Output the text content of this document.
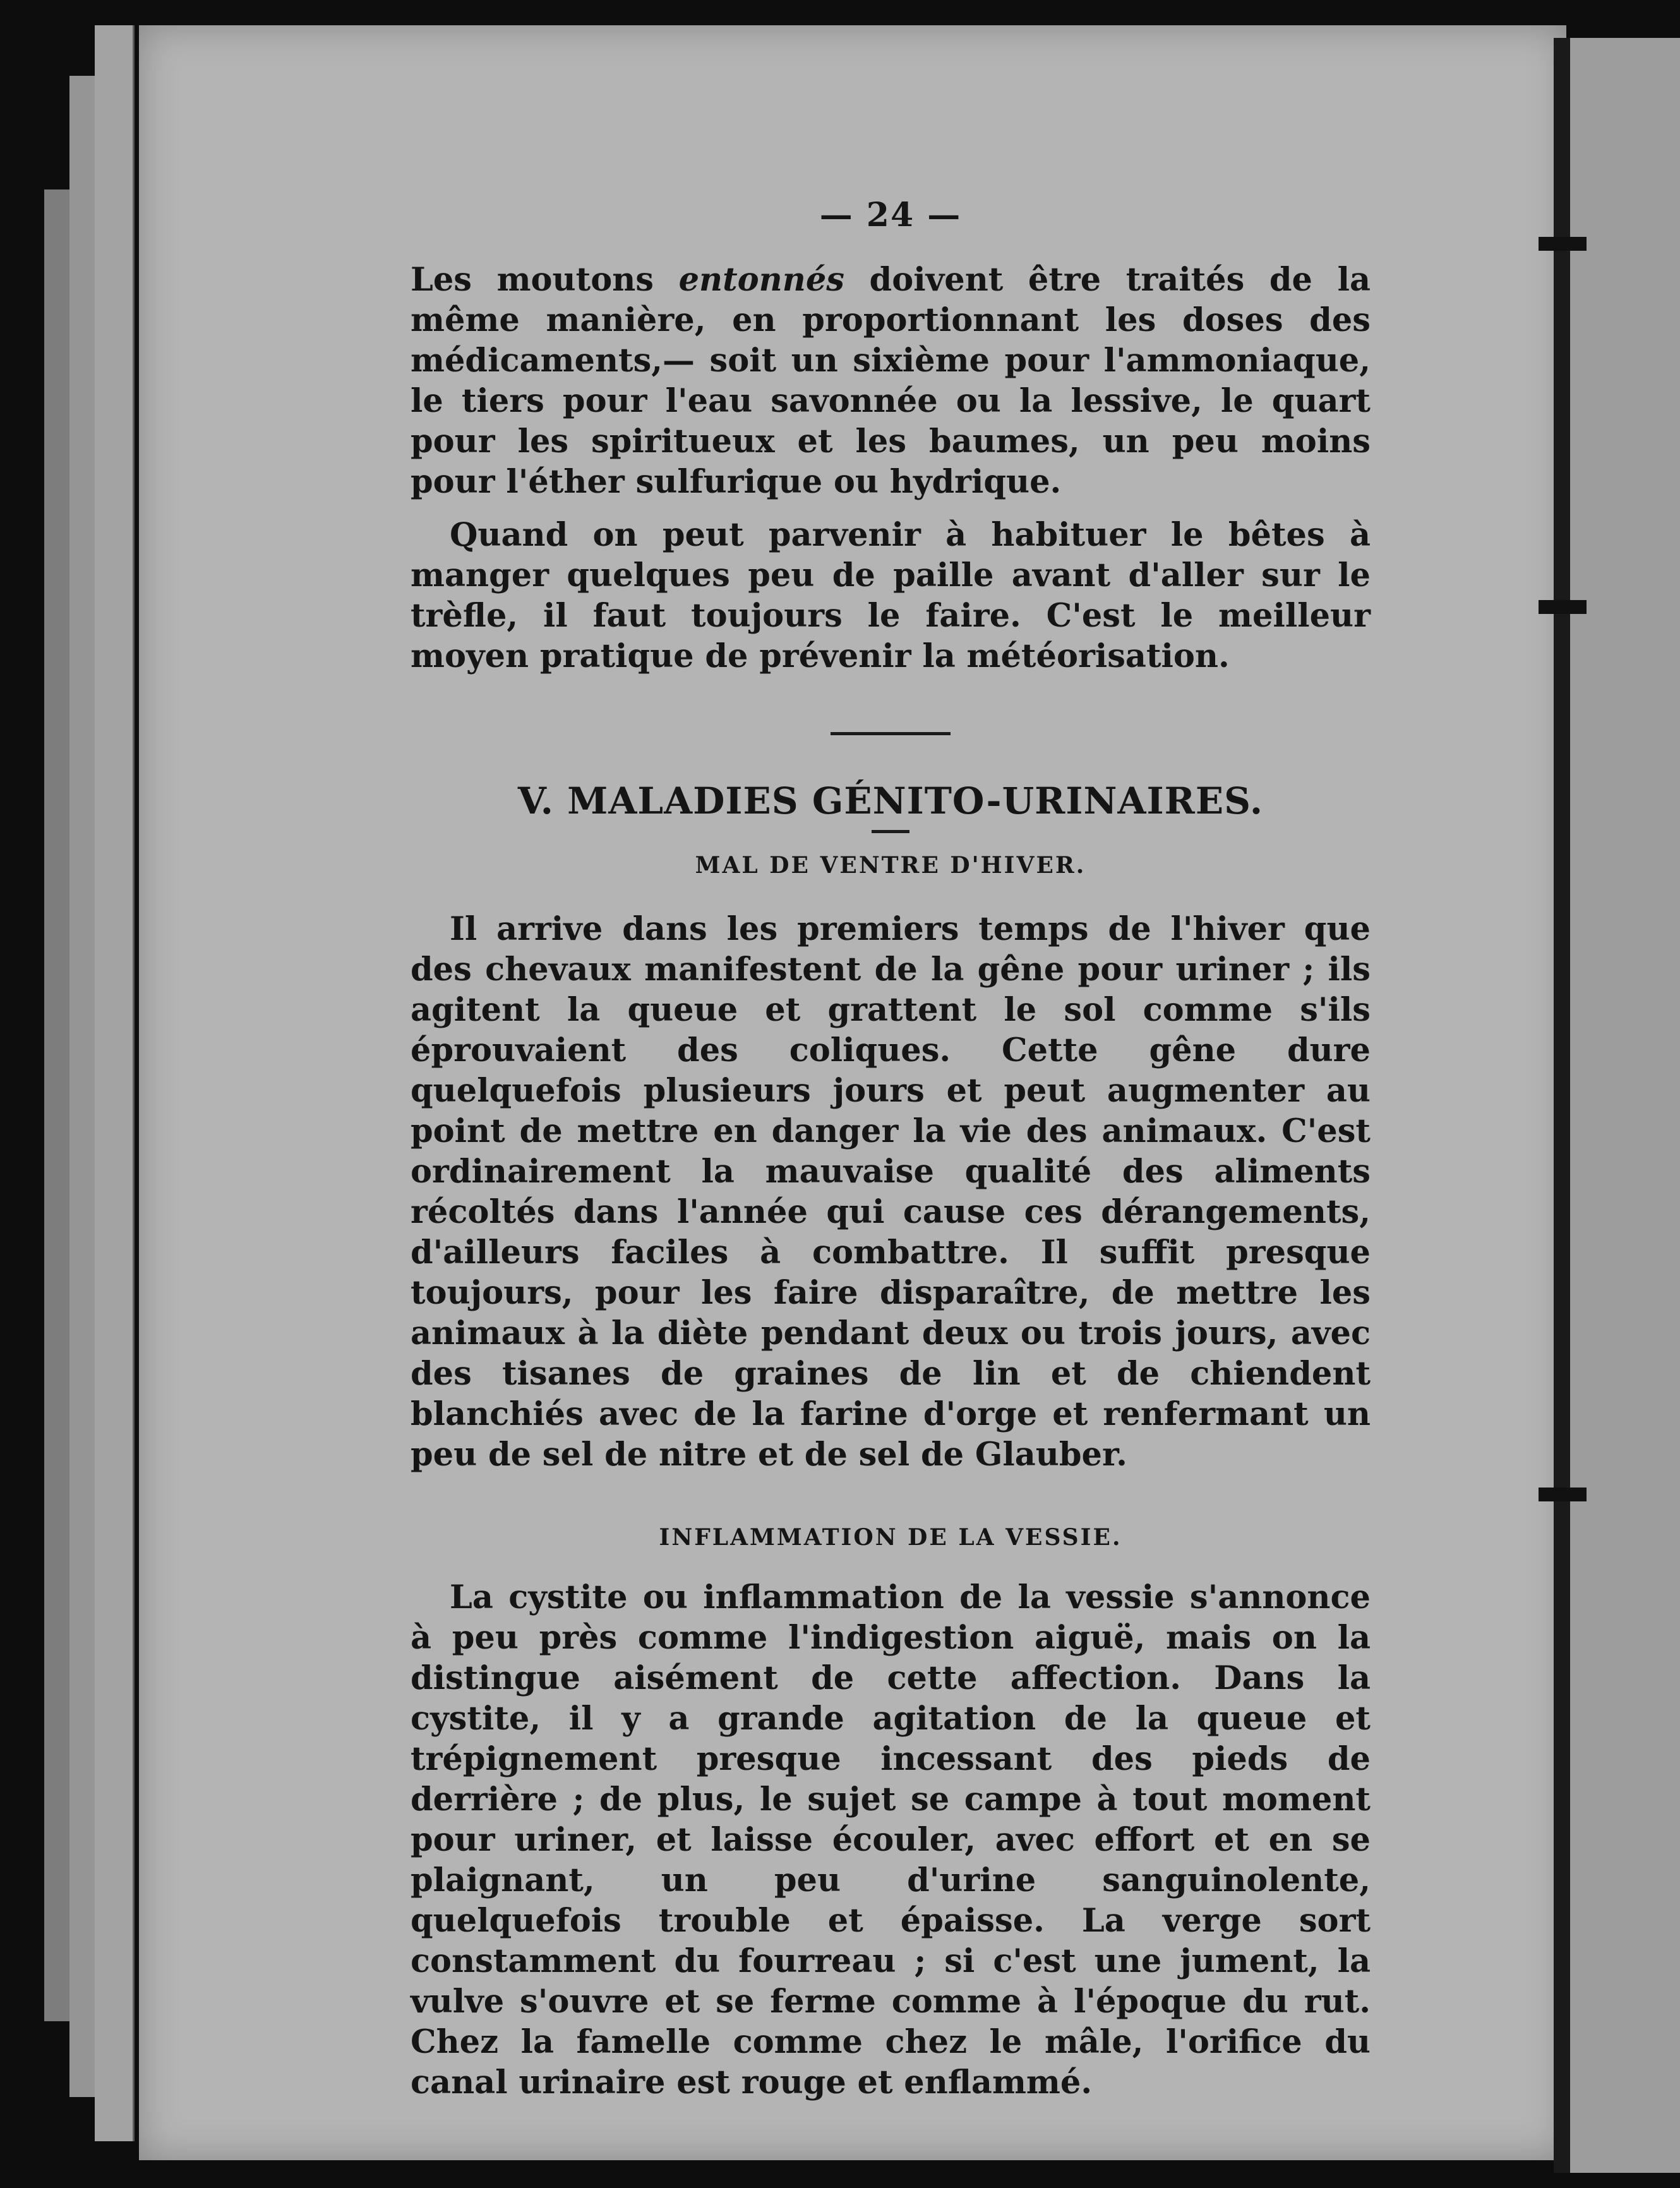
— 24 —

Les moutons entonnés doivent être traités de la même manière, en proportionnant les doses des médicaments,— soit un sixième pour l'ammoniaque, le tiers pour l'eau savonnée ou la lessive, le quart pour les spiritueux et les baumes, un peu moins pour l'éther sulfurique ou hydrique.

Quand on peut parvenir à habituer le bêtes à manger quelques peu de paille avant d'aller sur le trèfle, il faut toujours le faire. C'est le meilleur moyen pratique de prévenir la météorisation.

V. MALADIES GÉNITO-URINAIRES.
MAL DE VENTRE D'HIVER.

Il arrive dans les premiers temps de l'hiver que des chevaux manifestent de la gêne pour uriner ; ils agitent la queue et grattent le sol comme s'ils éprouvaient des coliques. Cette gêne dure quelquefois plusieurs jours et peut augmenter au point de mettre en danger la vie des animaux. C'est ordinairement la mauvaise qualité des aliments récoltés dans l'année qui cause ces dérangements, d'ailleurs faciles à combattre. Il suffit presque toujours, pour les faire disparaître, de mettre les animaux à la diète pendant deux ou trois jours, avec des tisanes de graines de lin et de chiendent blanchiés avec de la farine d'orge et renfermant un peu de sel de nitre et de sel de Glauber.

INFLAMMATION DE LA VESSIE.

La cystite ou inflammation de la vessie s'annonce à peu près comme l'indigestion aiguë, mais on la distingue aisément de cette affection. Dans la cystite, il y a grande agitation de la queue et trépignement presque incessant des pieds de derrière ; de plus, le sujet se campe à tout moment pour uriner, et laisse écouler, avec effort et en se plaignant, un peu d'urine sanguinolente, quelquefois trouble et épaisse. La verge sort constamment du fourreau ; si c'est une jument, la vulve s'ouvre et se ferme comme à l'époque du rut. Chez la famelle comme chez le mâle, l'orifice du canal urinaire est rouge et enflammé.
